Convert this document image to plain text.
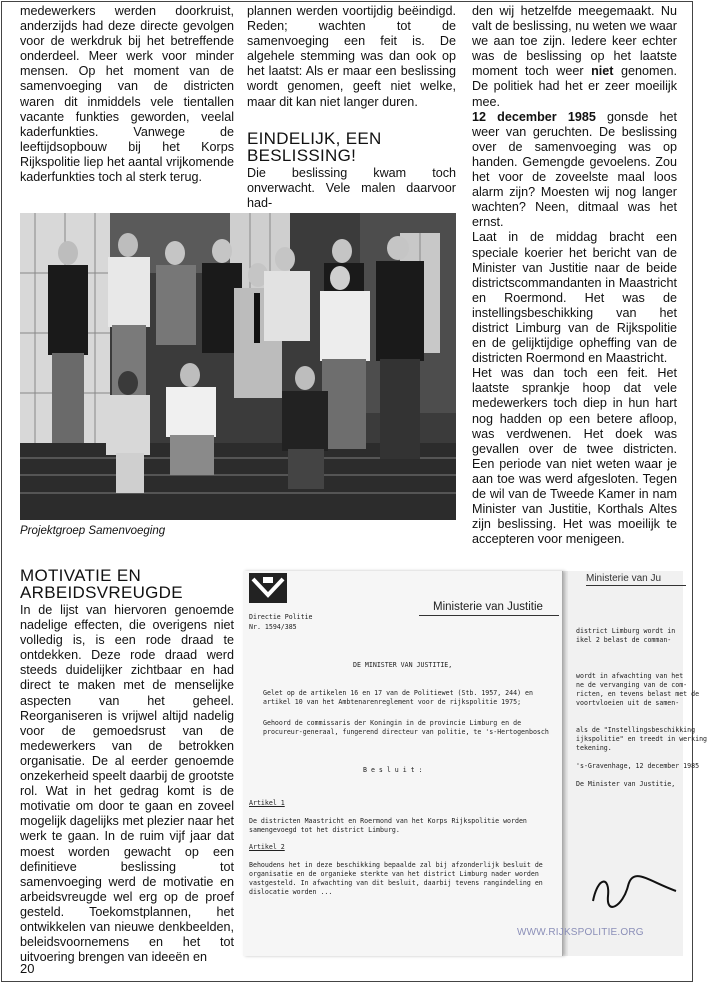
medewerkers werden doorkruist, anderzijds had deze directe gevolgen voor de werkdruk bij het betreffende onderdeel. Meer werk voor minder mensen. Op het moment van de samenvoeging van de districten waren dit inmiddels vele tientallen vacante funkties geworden, veelal kaderfunkties. Vanwege de leeftijdsopbouw bij het Korps Rijkspolitie liep het aantal vrijkomende kaderfunkties toch al sterk terug.

plannen werden voortijdig beëindigd. Reden; wachten tot de samenvoeging een feit is. De algehele stemming was dan ook op het laatst: Als er maar een beslissing wordt genomen, geeft niet welke, maar dit kan niet langer duren.

EINDELIJK, EEN BESLISSING!

Die beslissing kwam toch onverwacht. Vele malen daarvoor had-

den wij hetzelfde meegemaakt. Nu valt de beslissing, nu weten we waar we aan toe zijn. Iedere keer echter was de beslissing op het laatste moment toch weer niet genomen. De politiek had het er zeer moeilijk mee.

12 december 1985 gonsde het weer van geruchten. De beslissing over de samenvoeging was op handen. Gemengde gevoelens. Zou het voor de zoveelste maal loos alarm zijn? Moesten wij nog langer wachten? Neen, ditmaal was het ernst.

Laat in de middag bracht een speciale koerier het bericht van de Minister van Justitie naar de beide districtscommandanten in Maastricht en Roermond. Het was de instellingsbeschikking van het district Limburg van de Rijkspolitie en de gelijktijdige opheffing van de districten Roermond en Maastricht.

Het was dan toch een feit. Het laatste sprankje hoop dat vele medewerkers toch diep in hun hart nog hadden op een betere afloop, was verdwenen. Het doek was gevallen over de twee districten. Een periode van niet weten waar je aan toe was werd afgesloten. Tegen de wil van de Tweede Kamer in nam Minister van Justitie, Korthals Altes zijn beslissing. Het was moeilijk te accepteren voor menigeen.

Projektgroep Samenvoeging
MOTIVATIE EN ARBEIDSVREUGDE

In de lijst van hiervoren genoemde nadelige effecten, die overigens niet volledig is, is een rode draad te ontdekken. Deze rode draad werd steeds duidelijker zichtbaar en had direct te maken met de menselijke aspecten van het geheel. Reorganiseren is vrijwel altijd nadelig voor de gemoedsrust van de medewerkers van de betrokken organisatie. De al eerder genoemde onzekerheid speelt daarbij de grootste rol. Wat in het gedrag komt is de motivatie om door te gaan en zoveel mogelijk dagelijks met plezier naar het werk te gaan. In de ruim vijf jaar dat moest worden gewacht op een definitieve beslissing tot samenvoeging werd de motivatie en arbeidsvreugde wel erg op de proef gesteld. Toekomstplannen, het ontwikkelen van nieuwe denkbeelden, beleidsvoornemens en het tot uitvoering brengen van ideeën en

Ministerie van Ju
district Limburg wordt in
ikel 2 belast de comman-

wordt in afwachting van het
ne de vervanging van de com-
ricten, en tevens belast met de
voortvloeien uit de samen-

als de "Instellingsbeschikking
ijkspolitie" en treedt in werking
tekening.

's-Gravenhage, 12 december 1985

De Minister van Justitie,
Ministerie van Justitie
Directie Politie
Nr. 1594/385
DE MINISTER VAN JUSTITIE,
Gelet op de artikelen 16 en 17 van de Politiewet (Stb. 1957, 244) en artikel 10 van het Ambtenarenreglement voor de rijkspolitie 1975;
Gehoord de commissaris der Koningin in de provincie Limburg en de procureur-generaal, fungerend directeur van politie, te 's-Hertogenbosch
B e s l u i t :
Artikel 1
De districten Maastricht en Roermond van het Korps Rijkspolitie worden samengevoegd tot het district Limburg.
Artikel 2
Behoudens het in deze beschikking bepaalde zal bij afzonderlijk besluit de organisatie en de organieke sterkte van het district Limburg nader worden vastgesteld. In afwachting van dit besluit, daarbij tevens rangindeling en dislocatie worden ...
WWW.RIJKSPOLITIE.ORG
20
